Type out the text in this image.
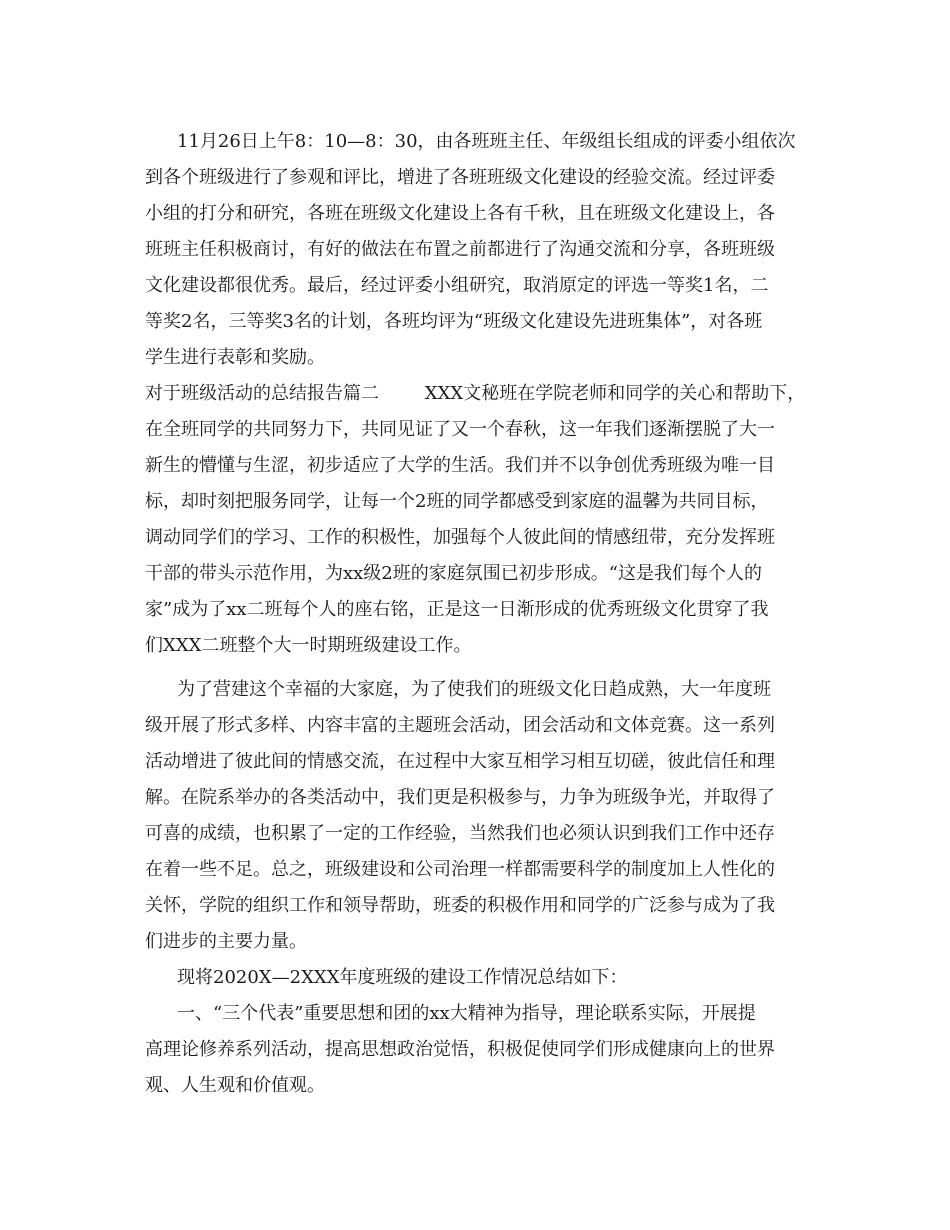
11月26日上午8：10—8：30，由各班班主任、年级组长组成的评委小组依次

到各个班级进行了参观和评比，增进了各班班级文化建设的经验交流。经过评委

小组的打分和研究，各班在班级文化建设上各有千秋，且在班级文化建设上，各

班班主任积极商讨，有好的做法在布置之前都进行了沟通交流和分享，各班班级

文化建设都很优秀。最后，经过评委小组研究，取消原定的评选一等奖1名，二

等奖2名，三等奖3名的计划，各班均评为“班级文化建设先进班集体”，对各班

学生进行表彰和奖励。

对于班级活动的总结报告篇二        XXX文秘班在学院老师和同学的关心和帮助下，

在全班同学的共同努力下，共同见证了又一个春秋，这一年我们逐渐摆脱了大一

新生的懵懂与生涩，初步适应了大学的生活。我们并不以争创优秀班级为唯一目

标，却时刻把服务同学，让每一个2班的同学都感受到家庭的温馨为共同目标，

调动同学们的学习、工作的积极性，加强每个人彼此间的情感纽带，充分发挥班

干部的带头示范作用，为xx级2班的家庭氛围已初步形成。“这是我们每个人的

家”成为了xx二班每个人的座右铭，正是这一日渐形成的优秀班级文化贯穿了我

们XXX二班整个大一时期班级建设工作。

为了营建这个幸福的大家庭，为了使我们的班级文化日趋成熟，大一年度班

级开展了形式多样、内容丰富的主题班会活动，团会活动和文体竞赛。这一系列

活动增进了彼此间的情感交流，在过程中大家互相学习相互切磋，彼此信任和理

解。在院系举办的各类活动中，我们更是积极参与，力争为班级争光，并取得了

可喜的成绩，也积累了一定的工作经验，当然我们也必须认识到我们工作中还存

在着一些不足。总之，班级建设和公司治理一样都需要科学的制度加上人性化的

关怀，学院的组织工作和领导帮助，班委的积极作用和同学的广泛参与成为了我

们进步的主要力量。

现将2020X—2XXX年度班级的建设工作情况总结如下：

一、“三个代表”重要思想和团的xx大精神为指导，理论联系实际，开展提

高理论修养系列活动，提高思想政治觉悟，积极促使同学们形成健康向上的世界

观、人生观和价值观。
